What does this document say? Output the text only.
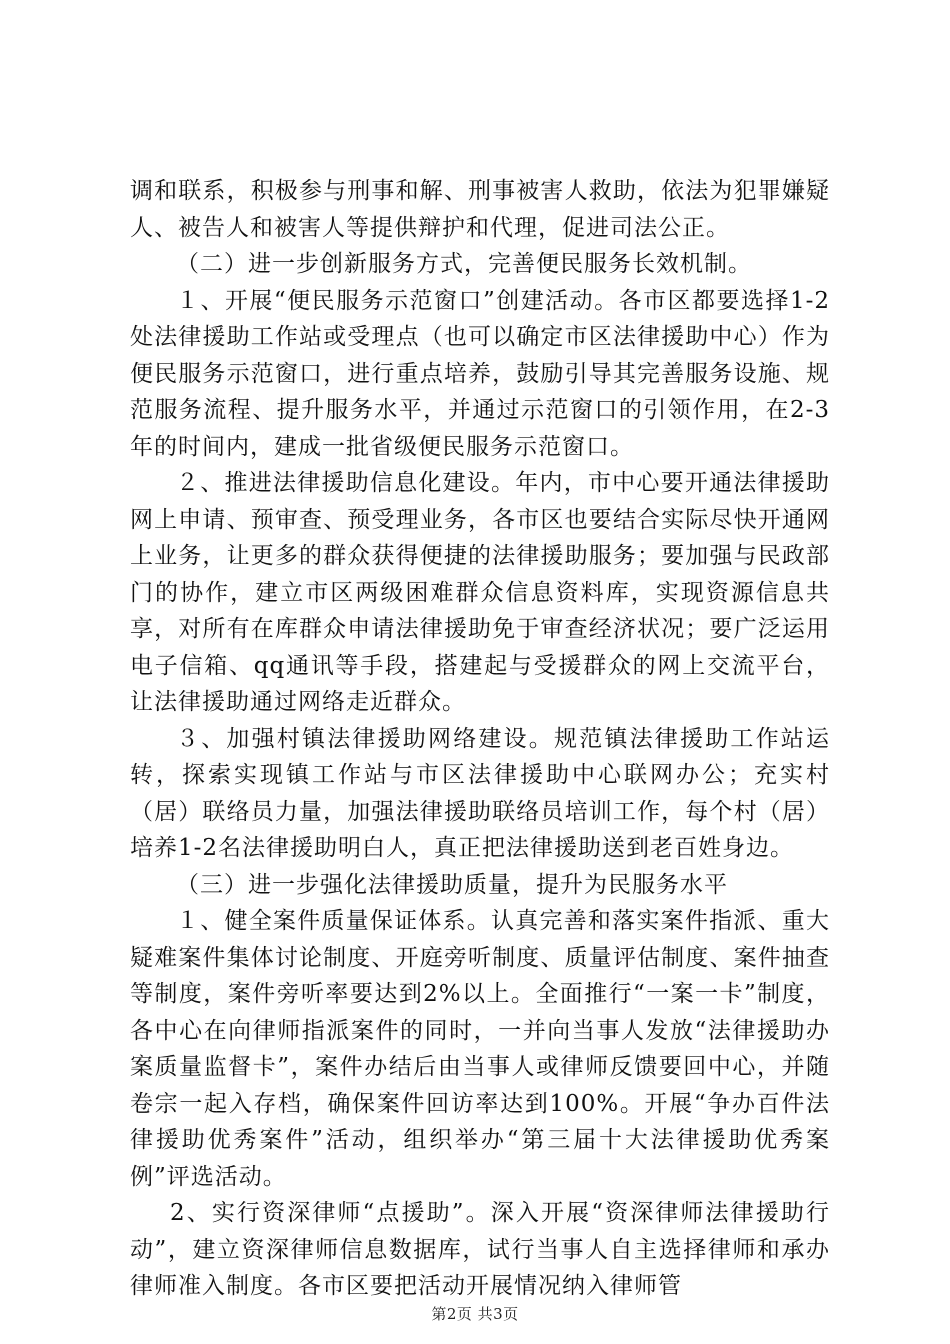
调和联系，积极参与刑事和解、刑事被害人救助，依法为犯罪嫌疑人、被告人和被害人等提供辩护和代理，促进司法公正。

（二）进一步创新服务方式，完善便民服务长效机制。

１、开展“便民服务示范窗口”创建活动。各市区都要选择1-2处法律援助工作站或受理点（也可以确定市区法律援助中心）作为便民服务示范窗口，进行重点培养，鼓励引导其完善服务设施、规范服务流程、提升服务水平，并通过示范窗口的引领作用，在2-3年的时间内，建成一批省级便民服务示范窗口。

２、推进法律援助信息化建设。年内，市中心要开通法律援助网上申请、预审查、预受理业务，各市区也要结合实际尽快开通网上业务，让更多的群众获得便捷的法律援助服务；要加强与民政部门的协作，建立市区两级困难群众信息资料库，实现资源信息共享，对所有在库群众申请法律援助免于审查经济状况；要广泛运用电子信箱、qq通讯等手段，搭建起与受援群众的网上交流平台，让法律援助通过网络走近群众。

３、加强村镇法律援助网络建设。规范镇法律援助工作站运转，探索实现镇工作站与市区法律援助中心联网办公；充实村（居）联络员力量，加强法律援助联络员培训工作，每个村（居）培养1-2名法律援助明白人，真正把法律援助送到老百姓身边。

（三）进一步强化法律援助质量，提升为民服务水平

１、健全案件质量保证体系。认真完善和落实案件指派、重大疑难案件集体讨论制度、开庭旁听制度、质量评估制度、案件抽查等制度，案件旁听率要达到2%以上。全面推行“一案一卡”制度，各中心在向律师指派案件的同时，一并向当事人发放“法律援助办案质量监督卡”，案件办结后由当事人或律师反馈要回中心，并随卷宗一起入存档，确保案件回访率达到100%。开展“争办百件法律援助优秀案件”活动，组织举办“第三届十大法律援助优秀案例”评选活动。

2、实行资深律师“点援助”。深入开展“资深律师法律援助行动”，建立资深律师信息数据库，试行当事人自主选择律师和承办律师准入制度。各市区要把活动开展情况纳入律师管

第2页 共3页
